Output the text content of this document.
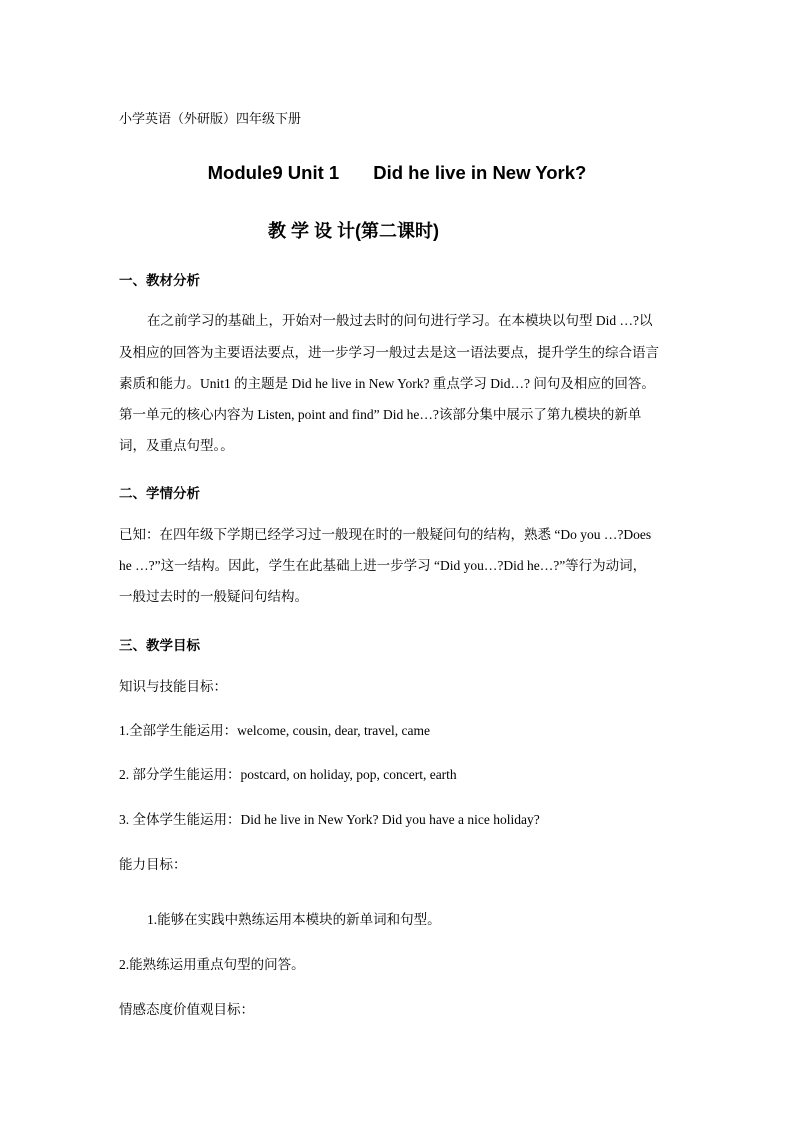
小学英语（外研版）四年级下册
Module9 Unit 1 Did he live in New York?
教 学 设 计(第二课时)
一、教材分析
在之前学习的基础上，开始对一般过去时的问句进行学习。在本模块以句型 Did …?以
及相应的回答为主要语法要点，进一步学习一般过去是这一语法要点，提升学生的综合语言
素质和能力。Unit1 的主题是 Did he live in New York? 重点学习 Did…? 问句及相应的回答。
第一单元的核心内容为 Listen, point and find” Did he…?该部分集中展示了第九模块的新单
词，及重点句型。。
二、学情分析
已知：在四年级下学期已经学习过一般现在时的一般疑问句的结构，熟悉 “Do you …?Does
he …?”这一结构。因此，学生在此基础上进一步学习 “Did you…?Did he…?”等行为动词，
一般过去时的一般疑问句结构。
三、教学目标
知识与技能目标：
1.全部学生能运用：welcome, cousin, dear, travel, came
2. 部分学生能运用：postcard, on holiday, pop, concert, earth
3. 全体学生能运用：Did he live in New York? Did you have a nice holiday?
能力目标：
1.能够在实践中熟练运用本模块的新单词和句型。
2.能熟练运用重点句型的问答。
情感态度价值观目标：
